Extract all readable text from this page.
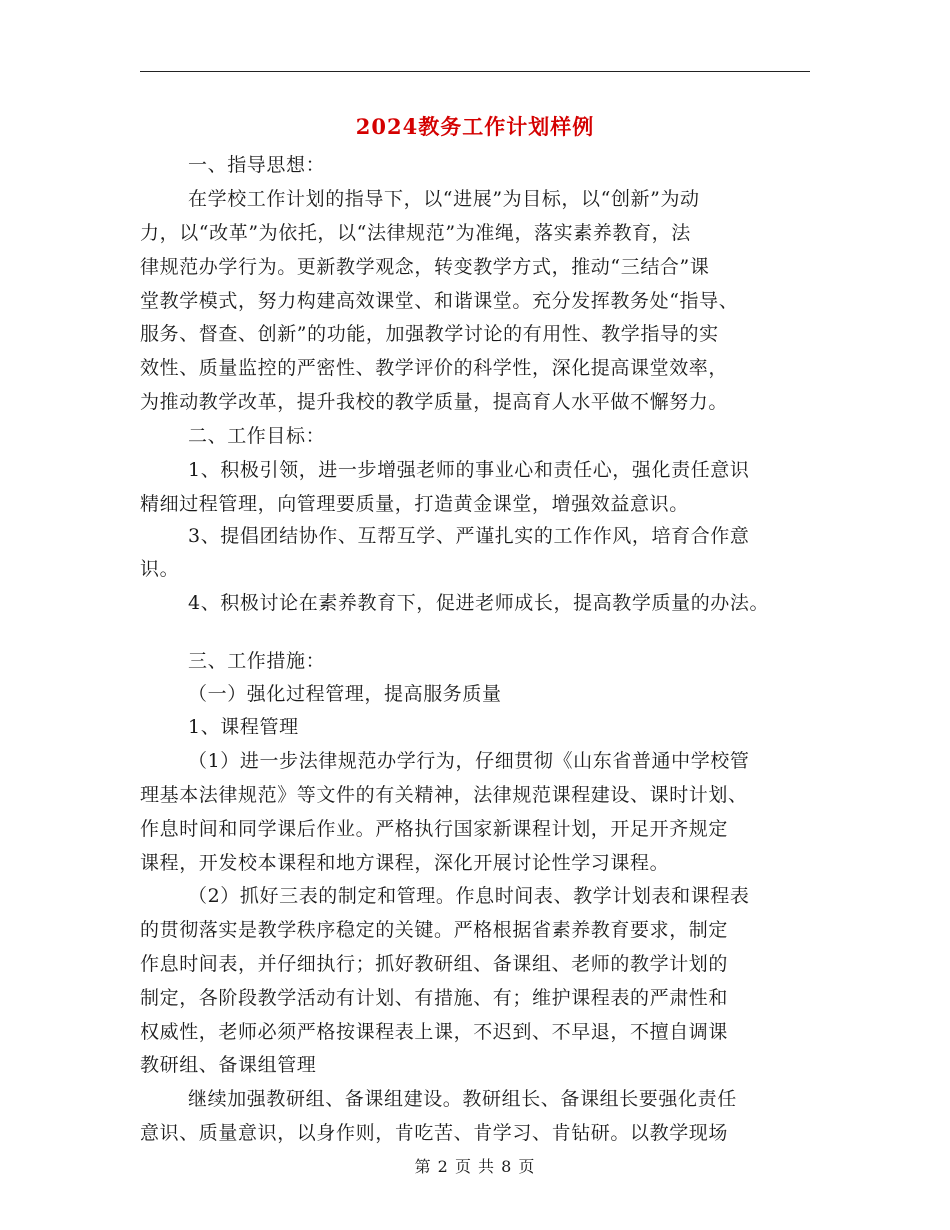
2024教务工作计划样例
一、指导思想：
在学校工作计划的指导下，以“进展”为目标，以“创新”为动
力，以“改革”为依托，以“法律规范”为准绳，落实素养教育，法
律规范办学行为。更新教学观念，转变教学方式，推动“三结合”课
堂教学模式，努力构建高效课堂、和谐课堂。充分发挥教务处“指导、
服务、督查、创新”的功能，加强教学讨论的有用性、教学指导的实
效性、质量监控的严密性、教学评价的科学性，深化提高课堂效率，
为推动教学改革，提升我校的教学质量，提高育人水平做不懈努力。
二、工作目标：
1、积极引领，进一步增强老师的事业心和责任心，强化责任意识
精细过程管理，向管理要质量，打造黄金课堂，增强效益意识。
3、提倡团结协作、互帮互学、严谨扎实的工作作风，培育合作意
识。
4、积极讨论在素养教育下，促进老师成长，提高教学质量的办法。
三、工作措施：
（一）强化过程管理，提高服务质量
1、课程管理
（1）进一步法律规范办学行为，仔细贯彻《山东省普通中学校管
理基本法律规范》等文件的有关精神，法律规范课程建设、课时计划、
作息时间和同学课后作业。严格执行国家新课程计划，开足开齐规定
课程，开发校本课程和地方课程，深化开展讨论性学习课程。
（2）抓好三表的制定和管理。作息时间表、教学计划表和课程表
的贯彻落实是教学秩序稳定的关键。严格根据省素养教育要求，制定
作息时间表，并仔细执行；抓好教研组、备课组、老师的教学计划的
制定，各阶段教学活动有计划、有措施、有；维护课程表的严肃性和
权威性，老师必须严格按课程表上课，不迟到、不早退，不擅自调课
教研组、备课组管理
继续加强教研组、备课组建设。教研组长、备课组长要强化责任
意识、质量意识，以身作则，肯吃苦、肯学习、肯钻研。以教学现场
第 2 页 共 8 页
